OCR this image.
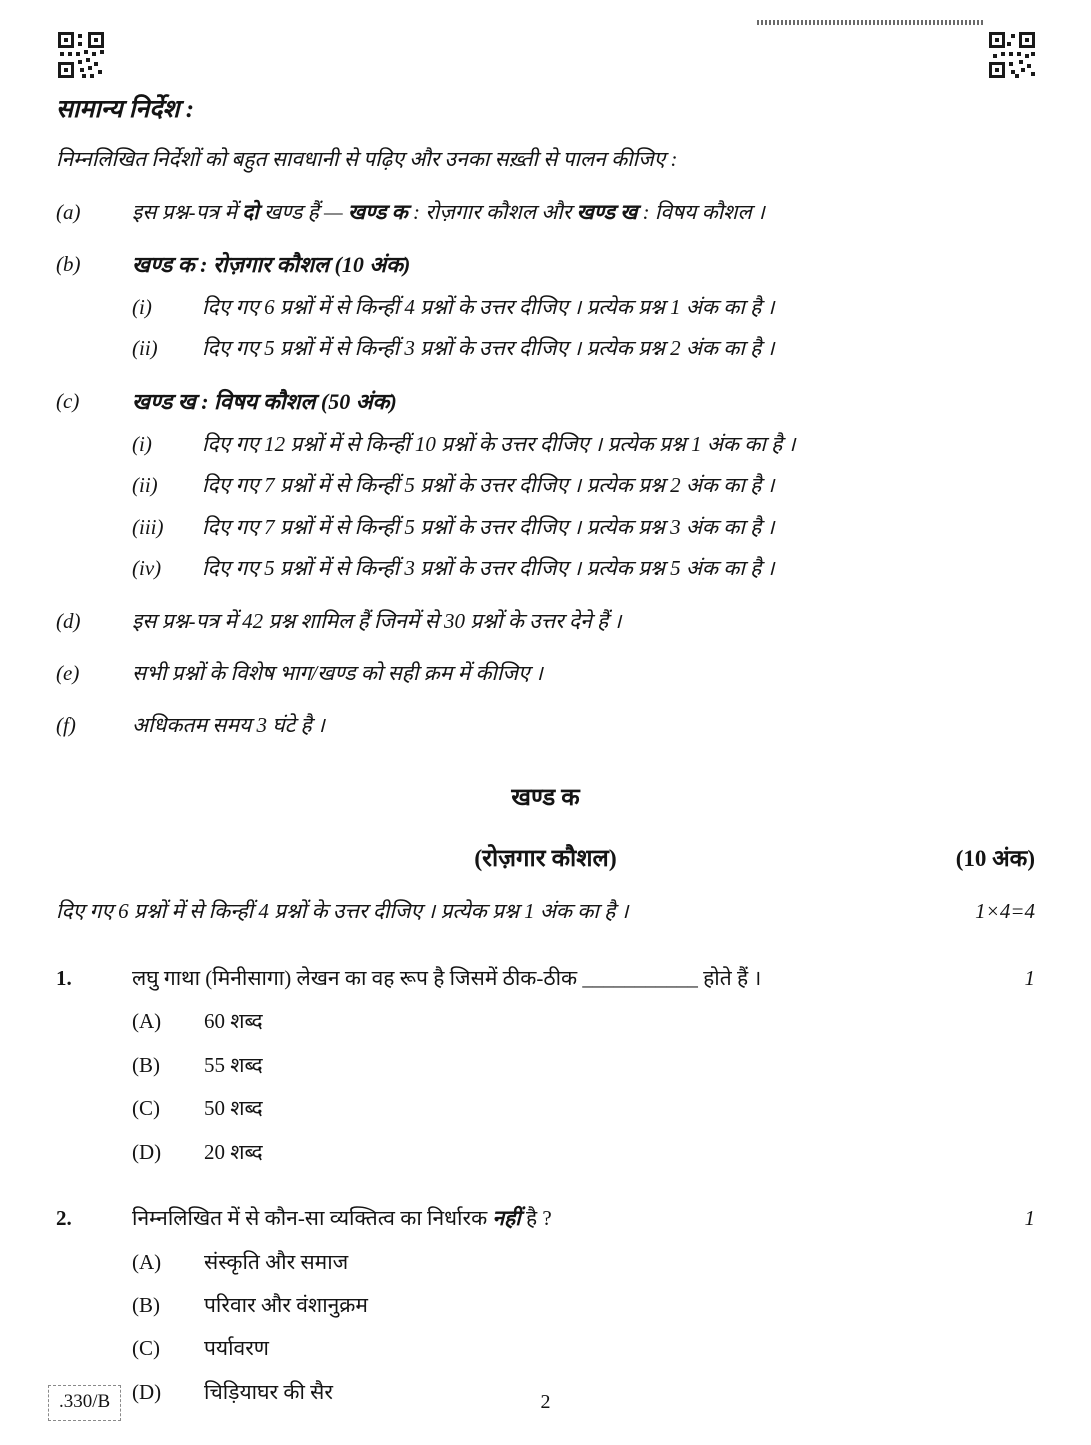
सामान्य निर्देश :
निम्नलिखित निर्देशों को बहुत सावधानी से पढ़िए और उनका सख़्ती से पालन कीजिए :
(a)	इस प्रश्न-पत्र में दो खण्ड हैं — खण्ड क : रोज़गार कौशल और खण्ड ख : विषय कौशल ।
(b)	खण्ड क : रोज़गार कौशल (10 अंक)
(i)	दिए गए 6 प्रश्नों में से किन्हीं 4 प्रश्नों के उत्तर दीजिए । प्रत्येक प्रश्न 1 अंक का है ।
(ii)	दिए गए 5 प्रश्नों में से किन्हीं 3 प्रश्नों के उत्तर दीजिए । प्रत्येक प्रश्न 2 अंक का है ।
(c)	खण्ड ख : विषय कौशल (50 अंक)
(i)	दिए गए 12 प्रश्नों में से किन्हीं 10 प्रश्नों के उत्तर दीजिए । प्रत्येक प्रश्न 1 अंक का है ।
(ii)	दिए गए 7 प्रश्नों में से किन्हीं 5 प्रश्नों के उत्तर दीजिए । प्रत्येक प्रश्न 2 अंक का है ।
(iii)	दिए गए 7 प्रश्नों में से किन्हीं 5 प्रश्नों के उत्तर दीजिए । प्रत्येक प्रश्न 3 अंक का है ।
(iv)	दिए गए 5 प्रश्नों में से किन्हीं 3 प्रश्नों के उत्तर दीजिए । प्रत्येक प्रश्न 5 अंक का है ।
(d)	इस प्रश्न-पत्र में 42 प्रश्न शामिल हैं जिनमें से 30 प्रश्नों के उत्तर देने हैं ।
(e)	सभी प्रश्नों के विशेष भाग/खण्ड को सही क्रम में कीजिए ।
(f)	अधिकतम समय 3 घंटे है ।
खण्ड क
(रोज़गार कौशल)	(10 अंक)
दिए गए 6 प्रश्नों में से किन्हीं 4 प्रश्नों के उत्तर दीजिए । प्रत्येक प्रश्न 1 अंक का है ।	1×4=4
1.	लघु गाथा (मिनीसागा) लेखन का वह रूप है जिसमें ठीक-ठीक ___________ होते हैं ।	1
(A)	60 शब्द
(B)	55 शब्द
(C)	50 शब्द
(D)	20 शब्द
2.	निम्नलिखित में से कौन-सा व्यक्तित्व का निर्धारक नहीं है ?	1
(A)	संस्कृति और समाज
(B)	परिवार और वंशानुक्रम
(C)	पर्यावरण
(D)	चिड़ियाघर की सैर
.330/B	2
